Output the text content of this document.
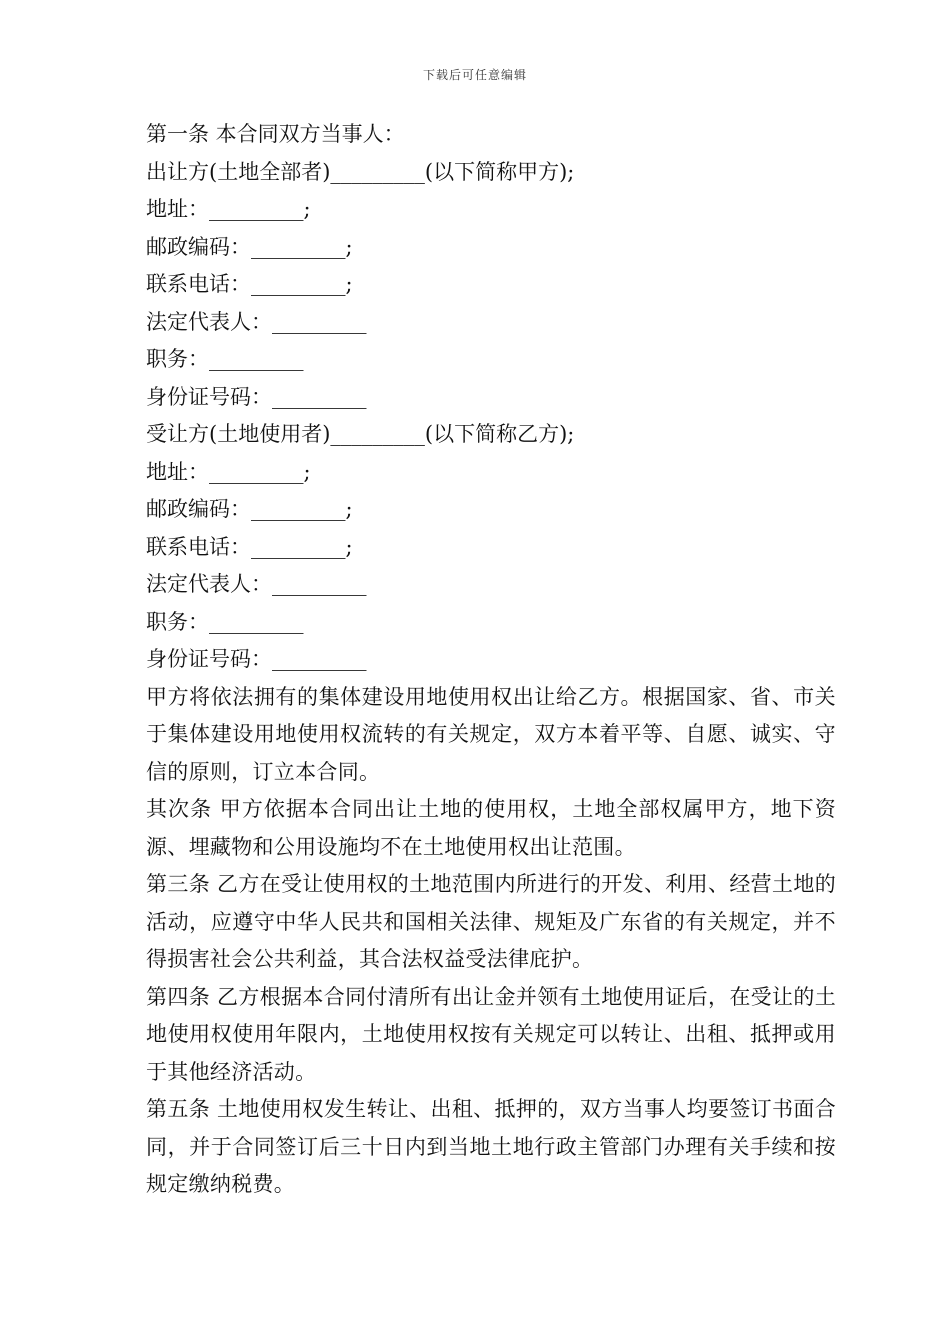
下载后可任意编辑
第一条 本合同双方当事人：
出让方(土地全部者)_________(以下简称甲方);
地址：_________;
邮政编码：_________;
联系电话：_________;
法定代表人：_________
职务：_________
身份证号码：_________
受让方(土地使用者)_________(以下简称乙方);
地址：_________;
邮政编码：_________;
联系电话：_________;
法定代表人：_________
职务：_________
身份证号码：_________
甲方将依法拥有的集体建设用地使用权出让给乙方。根据国家、省、市关于集体建设用地使用权流转的有关规定，双方本着平等、自愿、诚实、守信的原则，订立本合同。
其次条 甲方依据本合同出让土地的使用权，土地全部权属甲方，地下资源、埋藏物和公用设施均不在土地使用权出让范围。
第三条 乙方在受让使用权的土地范围内所进行的开发、利用、经营土地的活动，应遵守中华人民共和国相关法律、规矩及广东省的有关规定，并不得损害社会公共利益，其合法权益受法律庇护。
第四条 乙方根据本合同付清所有出让金并领有土地使用证后，在受让的土地使用权使用年限内，土地使用权按有关规定可以转让、出租、抵押或用于其他经济活动。
第五条 土地使用权发生转让、出租、抵押的，双方当事人均要签订书面合同，并于合同签订后三十日内到当地土地行政主管部门办理有关手续和按规定缴纳税费。
